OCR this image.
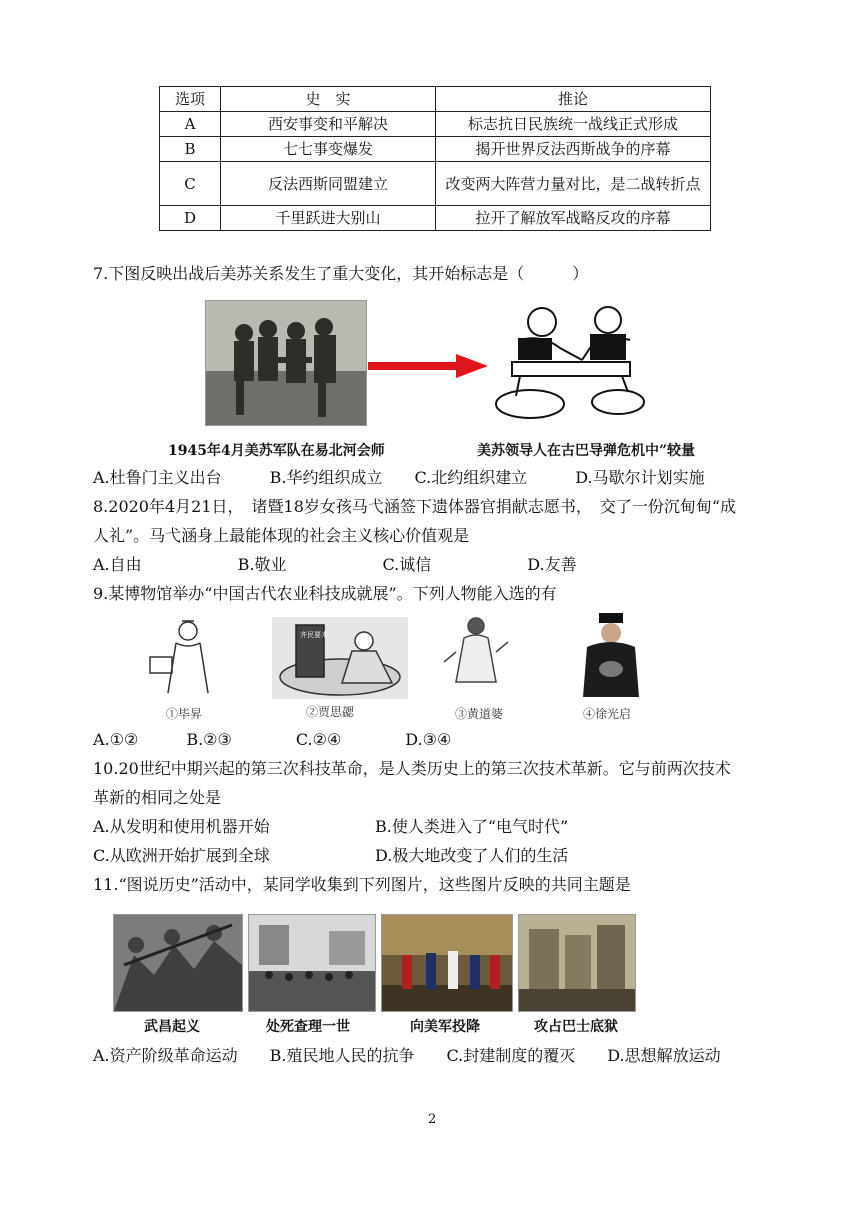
选项	史　实	推论
A	西安事变和平解决	标志抗日民族统一战线正式形成
B	七七事变爆发	揭开世界反法西斯战争的序幕
C	反法西斯同盟建立	改变两大阵营力量对比，是二战转折点
D	千里跃进大别山	拉开了解放军战略反攻的序幕
7.下图反映出战后美苏关系发生了重大变化，其开始标志是（　　　）
1945年4月美苏军队在易北河会师	美苏领导人在古巴导弹危机中”较量
A.杜鲁门主义出台　　　B.华约组织成立　　C.北约组织建立　　　D.马歇尔计划实施
8.2020年4月21日，　诸暨18岁女孩马弋涵签下遗体器官捐献志愿书，　交了一份沉甸甸“成
人礼”。马弋涵身上最能体现的社会主义核心价值观是
A.自由　　　　　　B.敬业　　　　　　C.诚信　　　　　　D.友善
9.某博物馆举办“中国古代农业科技成就展”。下列人物能入选的有
①毕昇
齐民要术
②贾思勰	③黄道婆	④徐光启
A.①②　　　B.②③　　　　C.②④　　　　D.③④
10.20世纪中期兴起的第三次科技革命，是人类历史上的第三次技术革新。它与前两次技术
革新的相同之处是
A.从发明和使用机器开始	B.使人类进入了“电气时代”
C.从欧洲开始扩展到全球	D.极大地改变了人们的生活
11.“图说历史”活动中，某同学收集到下列图片，这些图片反映的共同主题是
武昌起义	处死查理一世	向美军投降	攻占巴士底狱
A.资产阶级革命运动　　B.殖民地人民的抗争　　C.封建制度的覆灭　　D.思想解放运动
2
